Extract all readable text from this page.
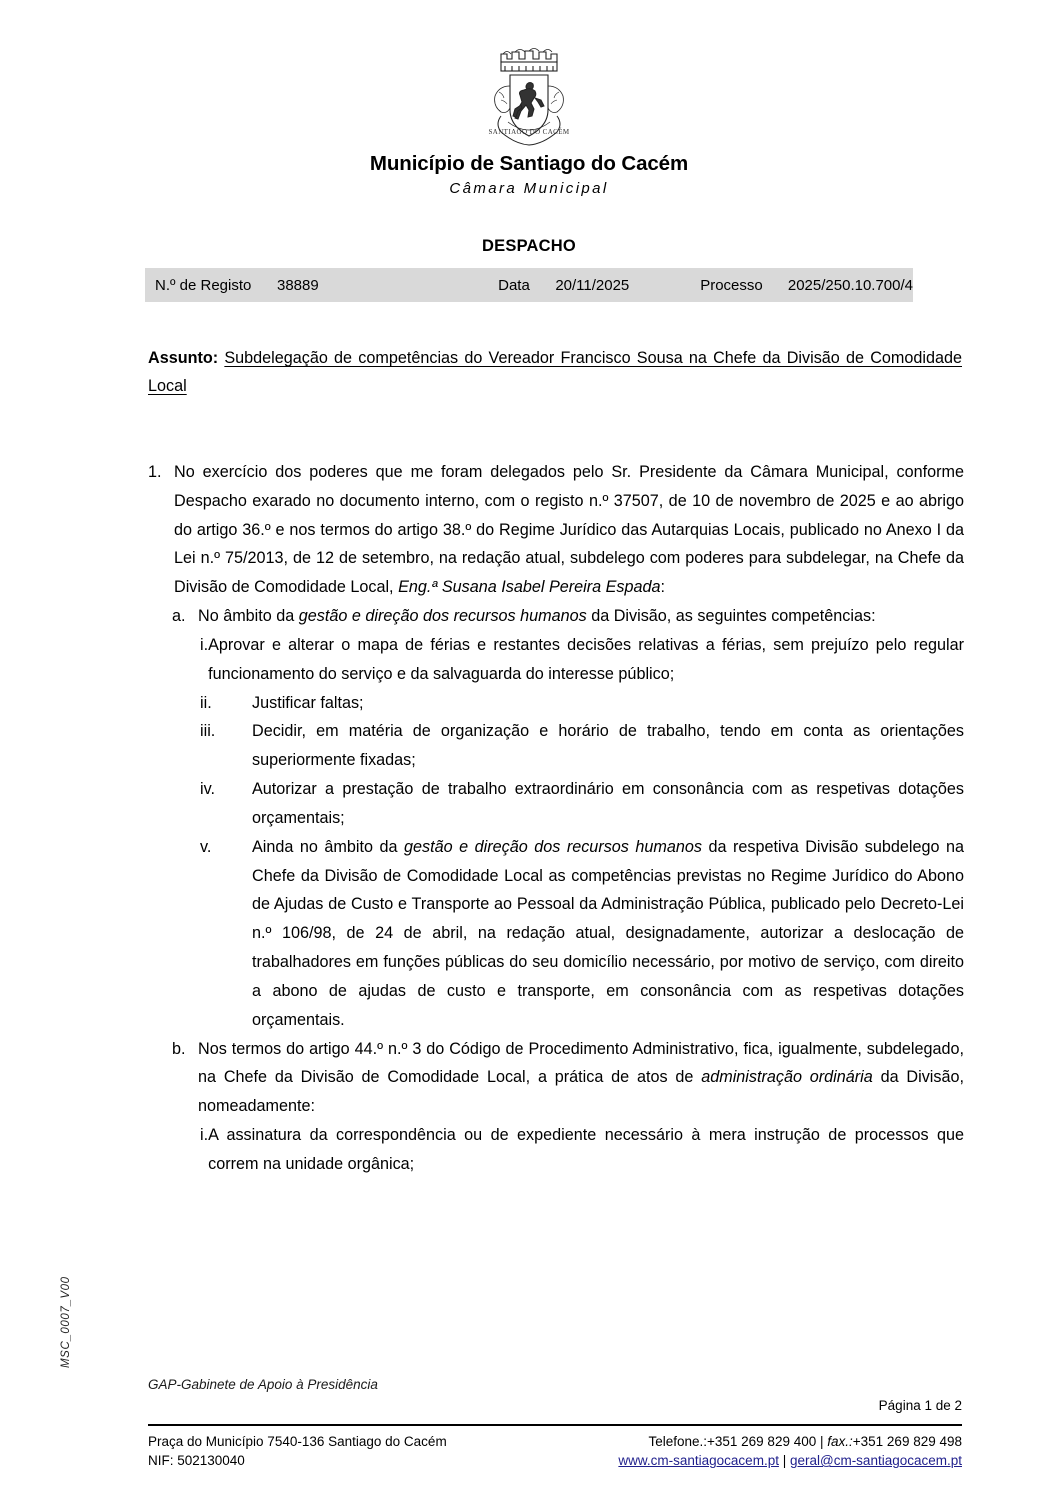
SANTIAGO DO CACÉM
Município de Santiago do Cacém
Câmara Municipal
DESPACHO
N.º de Registo	38889	Data	20/11/2025	Processo	2025/250.10.700/4
Assunto: Subdelegação de competências do Vereador Francisco Sousa na Chefe da Divisão de Comodidade Local
1. No exercício dos poderes que me foram delegados pelo Sr. Presidente da Câmara Municipal, conforme Despacho exarado no documento interno, com o registo n.º 37507, de 10 de novembro de 2025 e ao abrigo do artigo 36.º e nos termos do artigo 38.º do Regime Jurídico das Autarquias Locais, publicado no Anexo I da Lei n.º 75/2013, de 12 de setembro, na redação atual, subdelego com poderes para subdelegar, na Chefe da Divisão de Comodidade Local, Eng.ª Susana Isabel Pereira Espada:

a. No âmbito da gestão e direção dos recursos humanos da Divisão, as seguintes competências:

i. Aprovar e alterar o mapa de férias e restantes decisões relativas a férias, sem prejuízo pelo regular funcionamento do serviço e da salvaguarda do interesse público;

ii.	Justificar faltas;

iii.	Decidir, em matéria de organização e horário de trabalho, tendo em conta as orientações superiormente fixadas;

iv.	Autorizar a prestação de trabalho extraordinário em consonância com as respetivas dotações orçamentais;

v.	Ainda no âmbito da gestão e direção dos recursos humanos da respetiva Divisão subdelego na Chefe da Divisão de Comodidade Local as competências previstas no Regime Jurídico do Abono de Ajudas de Custo e Transporte ao Pessoal da Administração Pública, publicado pelo Decreto-Lei n.º 106/98, de 24 de abril, na redação atual, designadamente, autorizar a deslocação de trabalhadores em funções públicas do seu domicílio necessário, por motivo de serviço, com direito a abono de ajudas de custo e transporte, em consonância com as respetivas dotações orçamentais.

b. Nos termos do artigo 44.º n.º 3 do Código de Procedimento Administrativo, fica, igualmente, subdelegado, na Chefe da Divisão de Comodidade Local, a prática de atos de administração ordinária da Divisão, nomeadamente:

i. A assinatura da correspondência ou de expediente necessário à mera instrução de processos que correm na unidade orgânica;

MSC_0007_V00
GAP-Gabinete de Apoio à Presidência
Página 1 de 2
Praça do Município 7540-136 Santiago do Cacém
NIF: 502130040
Telefone.:+351 269 829 400 | fax.:+351 269 829 498
www.cm-santiagocacem.pt | geral@cm-santiagocacem.pt
